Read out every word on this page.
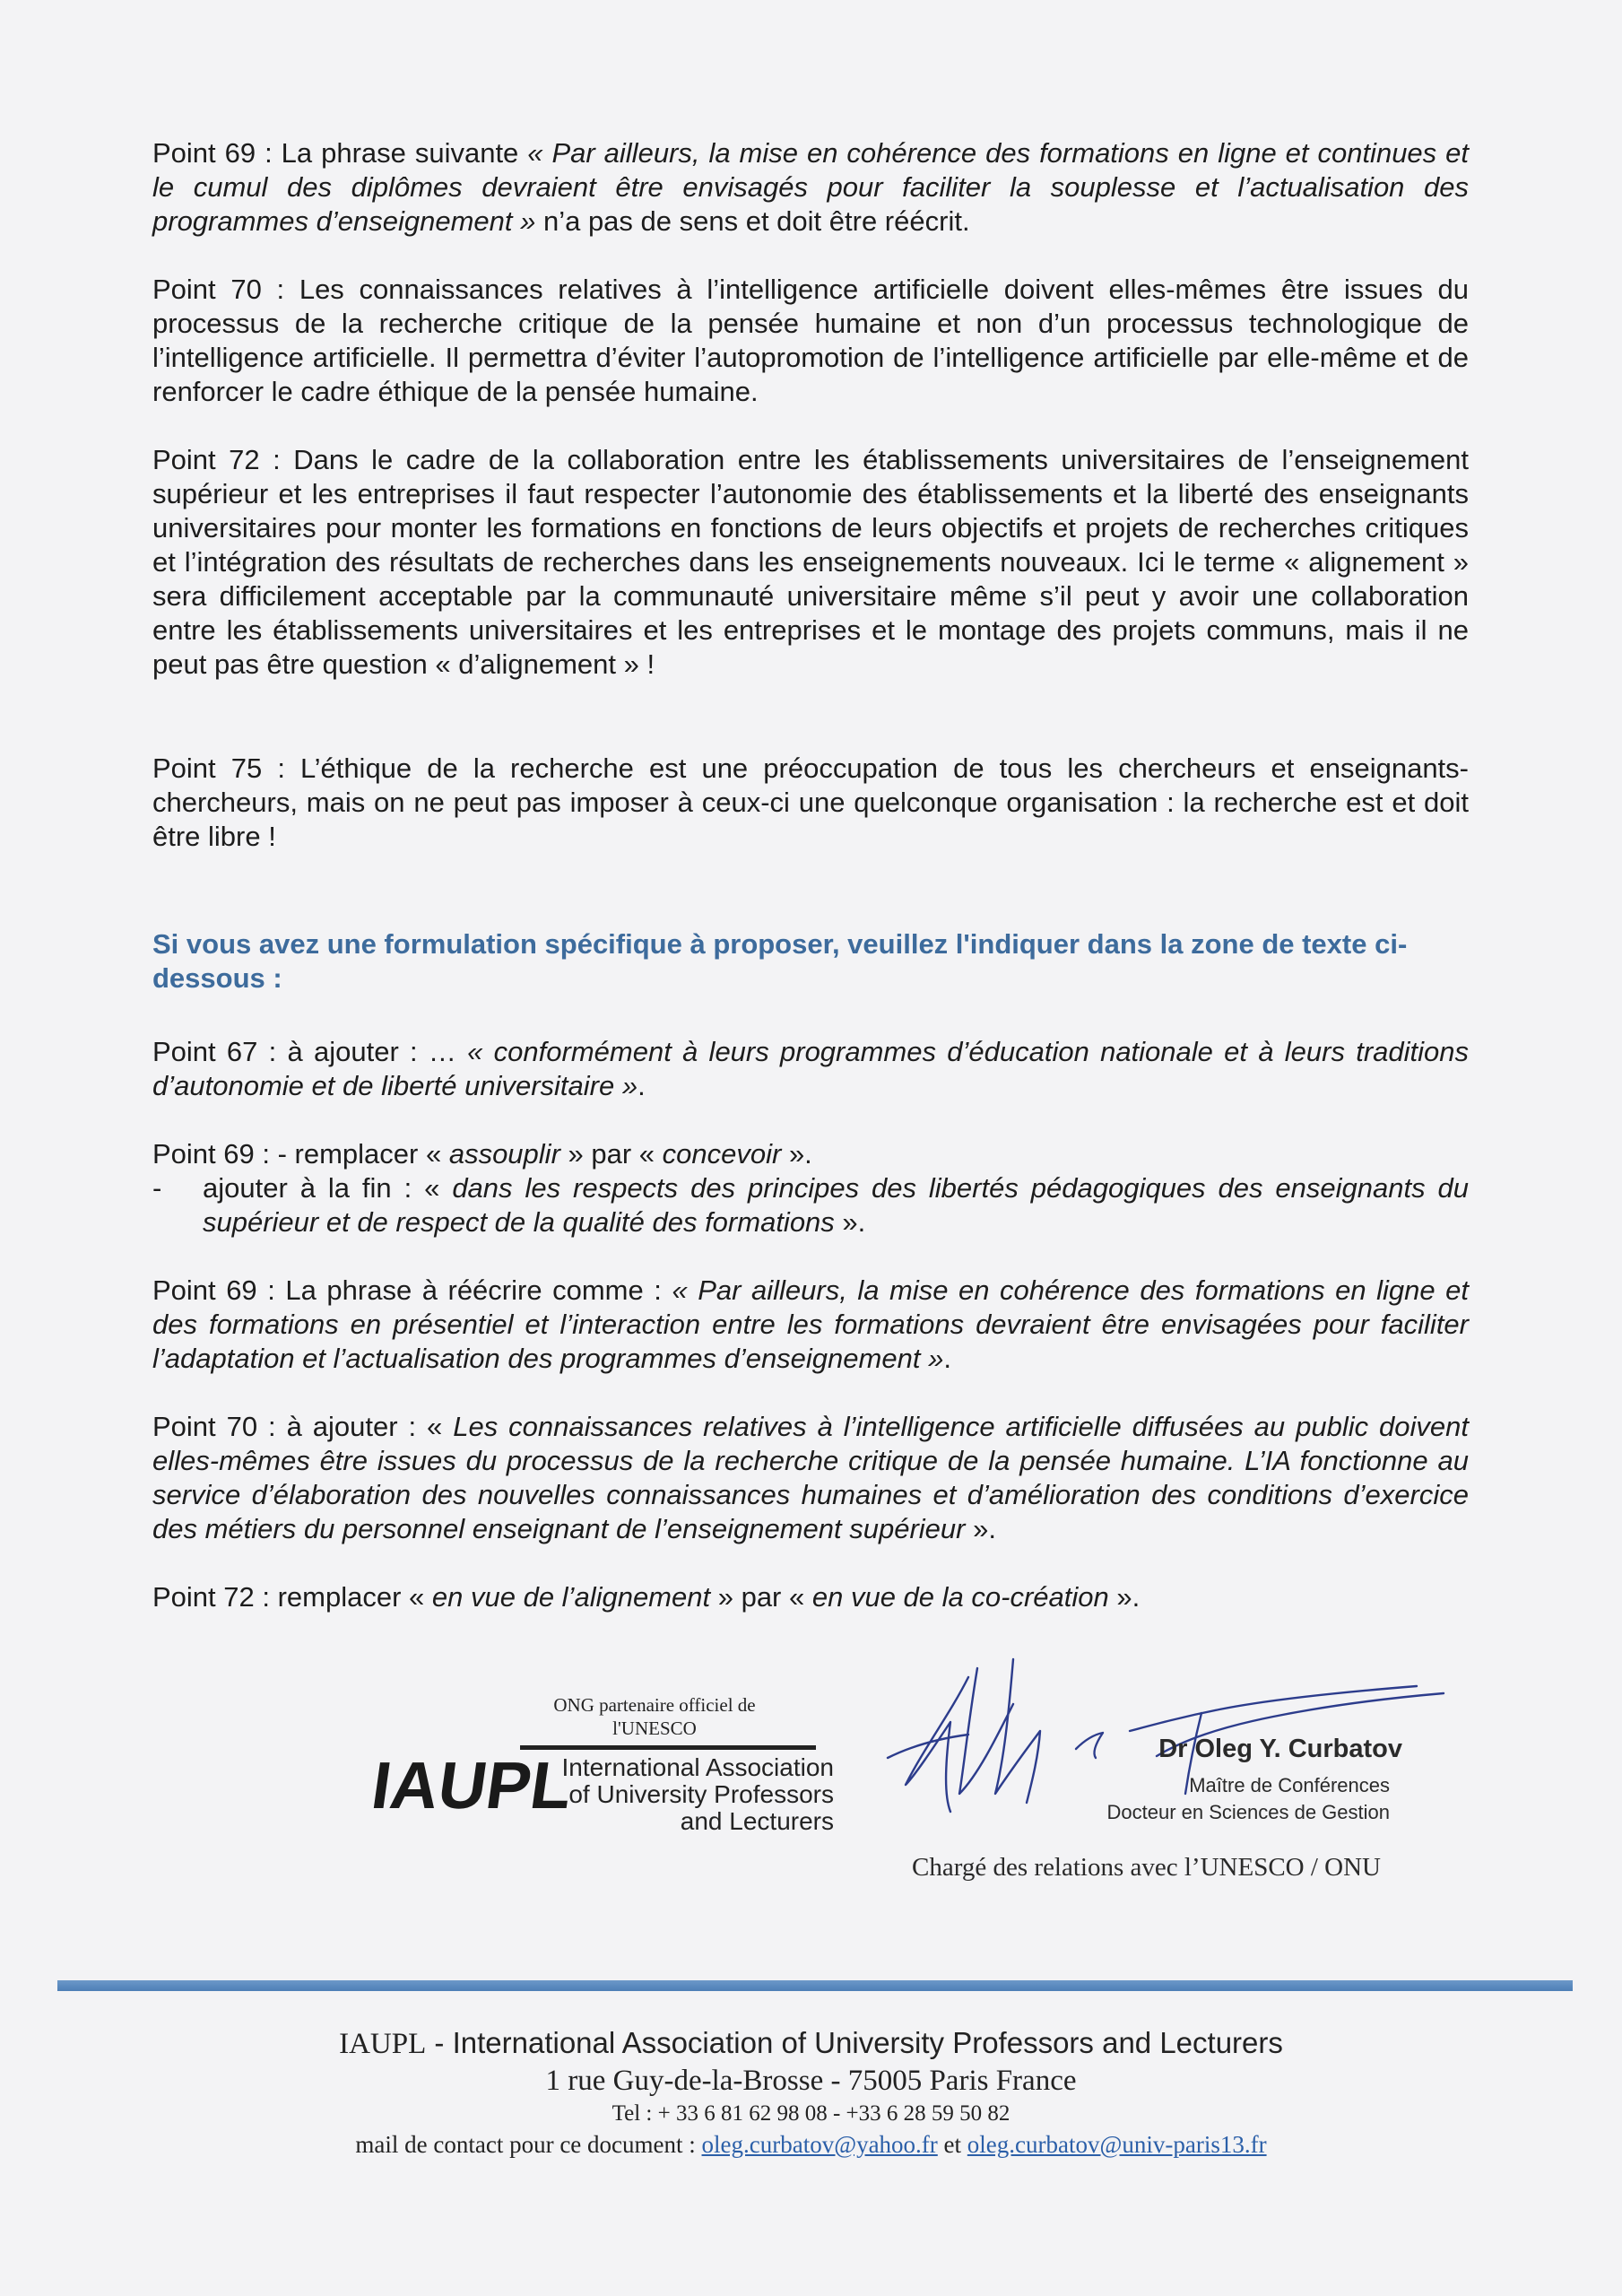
Point 69 : La phrase suivante « Par ailleurs, la mise en cohérence des formations en ligne et continues et le cumul des diplômes devraient être envisagés pour faciliter la souplesse et l’actualisation des programmes d’enseignement » n’a pas de sens et doit être réécrit.

Point 70 : Les connaissances relatives à l’intelligence artificielle doivent elles-mêmes être issues du processus de la recherche critique de la pensée humaine et non d’un processus technologique de l’intelligence artificielle. Il permettra d’éviter l’autopromotion de l’intelligence artificielle par elle-même et de renforcer le cadre éthique de la pensée humaine.

Point 72 : Dans le cadre de la collaboration entre les établissements universitaires de l’enseignement supérieur et les entreprises il faut respecter l’autonomie des établissements et la liberté des enseignants universitaires pour monter les formations en fonctions de leurs objectifs et projets de recherches critiques et l’intégration des résultats de recherches dans les enseignements nouveaux. Ici le terme « alignement » sera difficilement acceptable par la communauté universitaire même s’il peut y avoir une collaboration entre les établissements universitaires et les entreprises et le montage des projets communs, mais il ne peut pas être question « d’alignement » !

Point 75 : L’éthique de la recherche est une préoccupation de tous les chercheurs et enseignants-chercheurs, mais on ne peut pas imposer à ceux-ci une quelconque organisation : la recherche est et doit être libre !

Si vous avez une formulation spécifique à proposer, veuillez l'indiquer dans la zone de texte ci-dessous :

Point 67 : à ajouter : … « conformément à leurs programmes d’éducation nationale et à leurs traditions d’autonomie et de liberté universitaire ».

Point 69 : - remplacer « assouplir » par « concevoir ».

- ajouter à la fin : « dans les respects des principes des libertés pédagogiques des enseignants du supérieur et de respect de la qualité des formations ».

Point 69 : La phrase à réécrire comme : « Par ailleurs, la mise en cohérence des formations en ligne et des formations en présentiel et l’interaction entre les formations devraient être envisagées pour faciliter l’adaptation et l’actualisation des programmes d’enseignement ».

Point 70 : à ajouter : « Les connaissances relatives à l’intelligence artificielle diffusées au public doivent elles-mêmes être issues du processus de la recherche critique de la pensée humaine. L’IA fonctionne au service d’élaboration des nouvelles connaissances humaines et d’amélioration des conditions d’exercice des métiers du personnel enseignant de l’enseignement supérieur ».

Point 72 : remplacer « en vue de l’alignement » par « en vue de la co-création ».

ONG partenaire officiel de
l'UNESCO
IAUPL
International Association
of University Professors
and Lecturers
Dr Oleg Y. Curbatov
Maître de Conférences
Docteur en Sciences de Gestion
Chargé des relations avec l’UNESCO / ONU
IAUPL - International Association of University Professors and Lecturers
1 rue Guy-de-la-Brosse - 75005 Paris France
Tel : + 33 6 81 62 98 08 - +33 6 28 59 50 82
mail de contact pour ce document : oleg.curbatov@yahoo.fr et oleg.curbatov@univ-paris13.fr
